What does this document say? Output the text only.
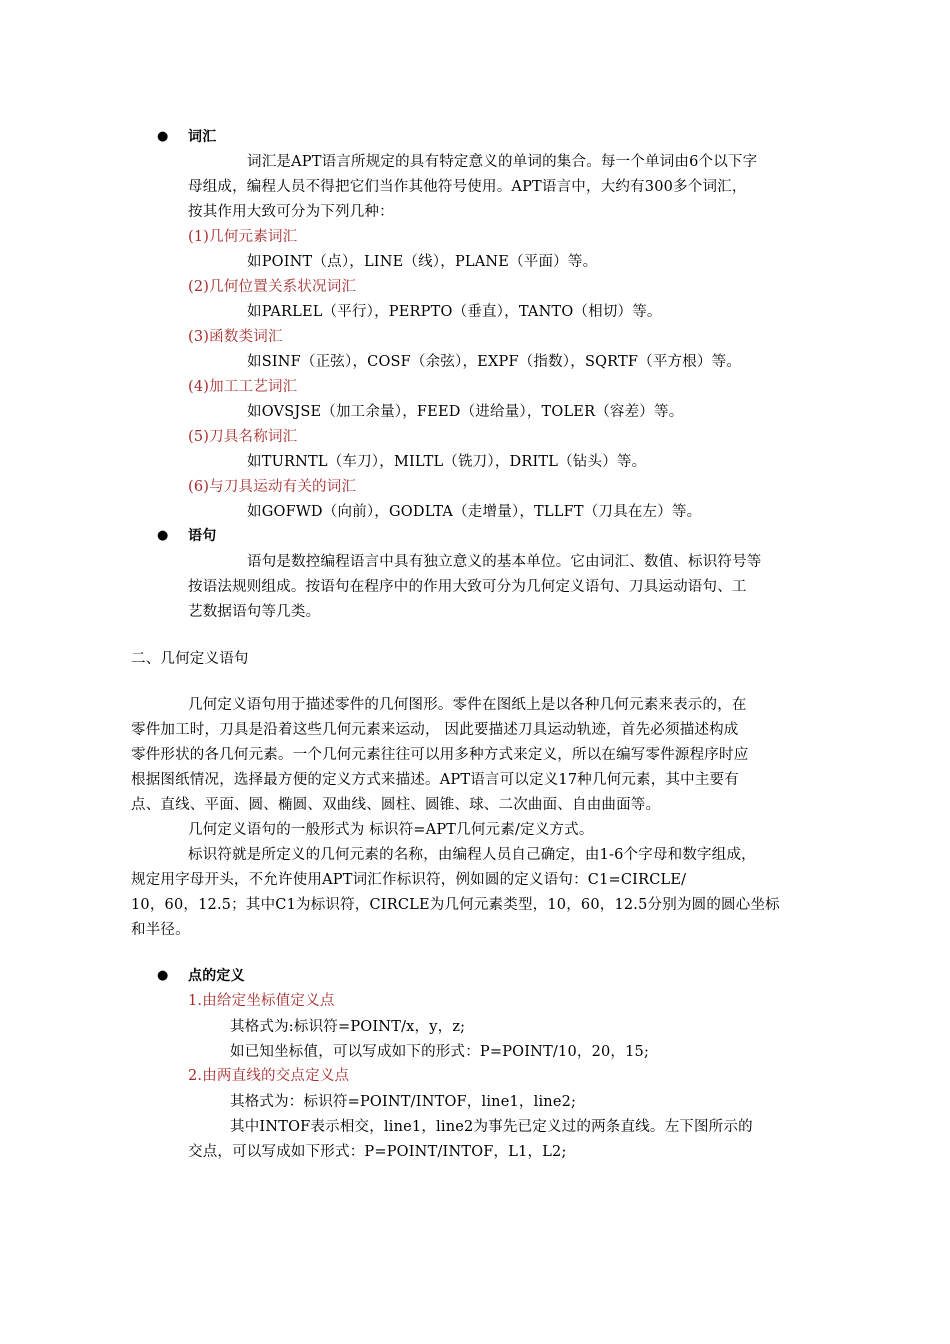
● 词汇
词汇是APT语言所规定的具有特定意义的单词的集合。每一个单词由6个以下字
母组成，编程人员不得把它们当作其他符号使用。APT语言中，大约有300多个词汇，
按其作用大致可分为下列几种：
(1)几何元素词汇
如POINT（点），LINE（线），PLANE（平面）等。
(2)几何位置关系状况词汇
如PARLEL（平行），PERPTO（垂直），TANTO（相切）等。
(3)函数类词汇
如SINF（正弦），COSF（余弦），EXPF（指数），SQRTF（平方根）等。
(4)加工工艺词汇
如OVSJSE（加工余量），FEED（进给量），TOLER（容差）等。
(5)刀具名称词汇
如TURNTL（车刀），MILTL（铣刀），DRITL（钻头）等。
(6)与刀具运动有关的词汇
如GOFWD（向前），GODLTA（走增量），TLLFT（刀具在左）等。
● 语句
语句是数控编程语言中具有独立意义的基本单位。它由词汇、数值、标识符号等
按语法规则组成。按语句在程序中的作用大致可分为几何定义语句、刀具运动语句、工
艺数据语句等几类。
二、几何定义语句
几何定义语句用于描述零件的几何图形。零件在图纸上是以各种几何元素来表示的，在
零件加工时，刀具是沿着这些几何元素来运动， 因此要描述刀具运动轨迹，首先必须描述构成
零件形状的各几何元素。一个几何元素往往可以用多种方式来定义，所以在编写零件源程序时应
根据图纸情况，选择最方便的定义方式来描述。APT语言可以定义17种几何元素，其中主要有
点、直线、平面、圆、椭圆、双曲线、圆柱、圆锥、球、二次曲面、自由曲面等。
几何定义语句的一般形式为 标识符=APT几何元素/定义方式。
标识符就是所定义的几何元素的名称，由编程人员自己确定，由1-6个字母和数字组成，
规定用字母开头，不允许使用APT词汇作标识符，例如圆的定义语句：C1=CIRCLE/
10，60，12.5；其中C1为标识符，CIRCLE为几何元素类型，10，60，12.5分别为圆的圆心坐标
和半径。
● 点的定义
1.由给定坐标值定义点
其格式为:标识符=POINT/x，y，z;
如已知坐标值，可以写成如下的形式：P=POINT/10，20，15;
2.由两直线的交点定义点
其格式为：标识符=POINT/INTOF，line1，line2;
其中INTOF表示相交，line1，line2为事先已定义过的两条直线。左下图所示的
交点，可以写成如下形式：P=POINT/INTOF，L1，L2;
